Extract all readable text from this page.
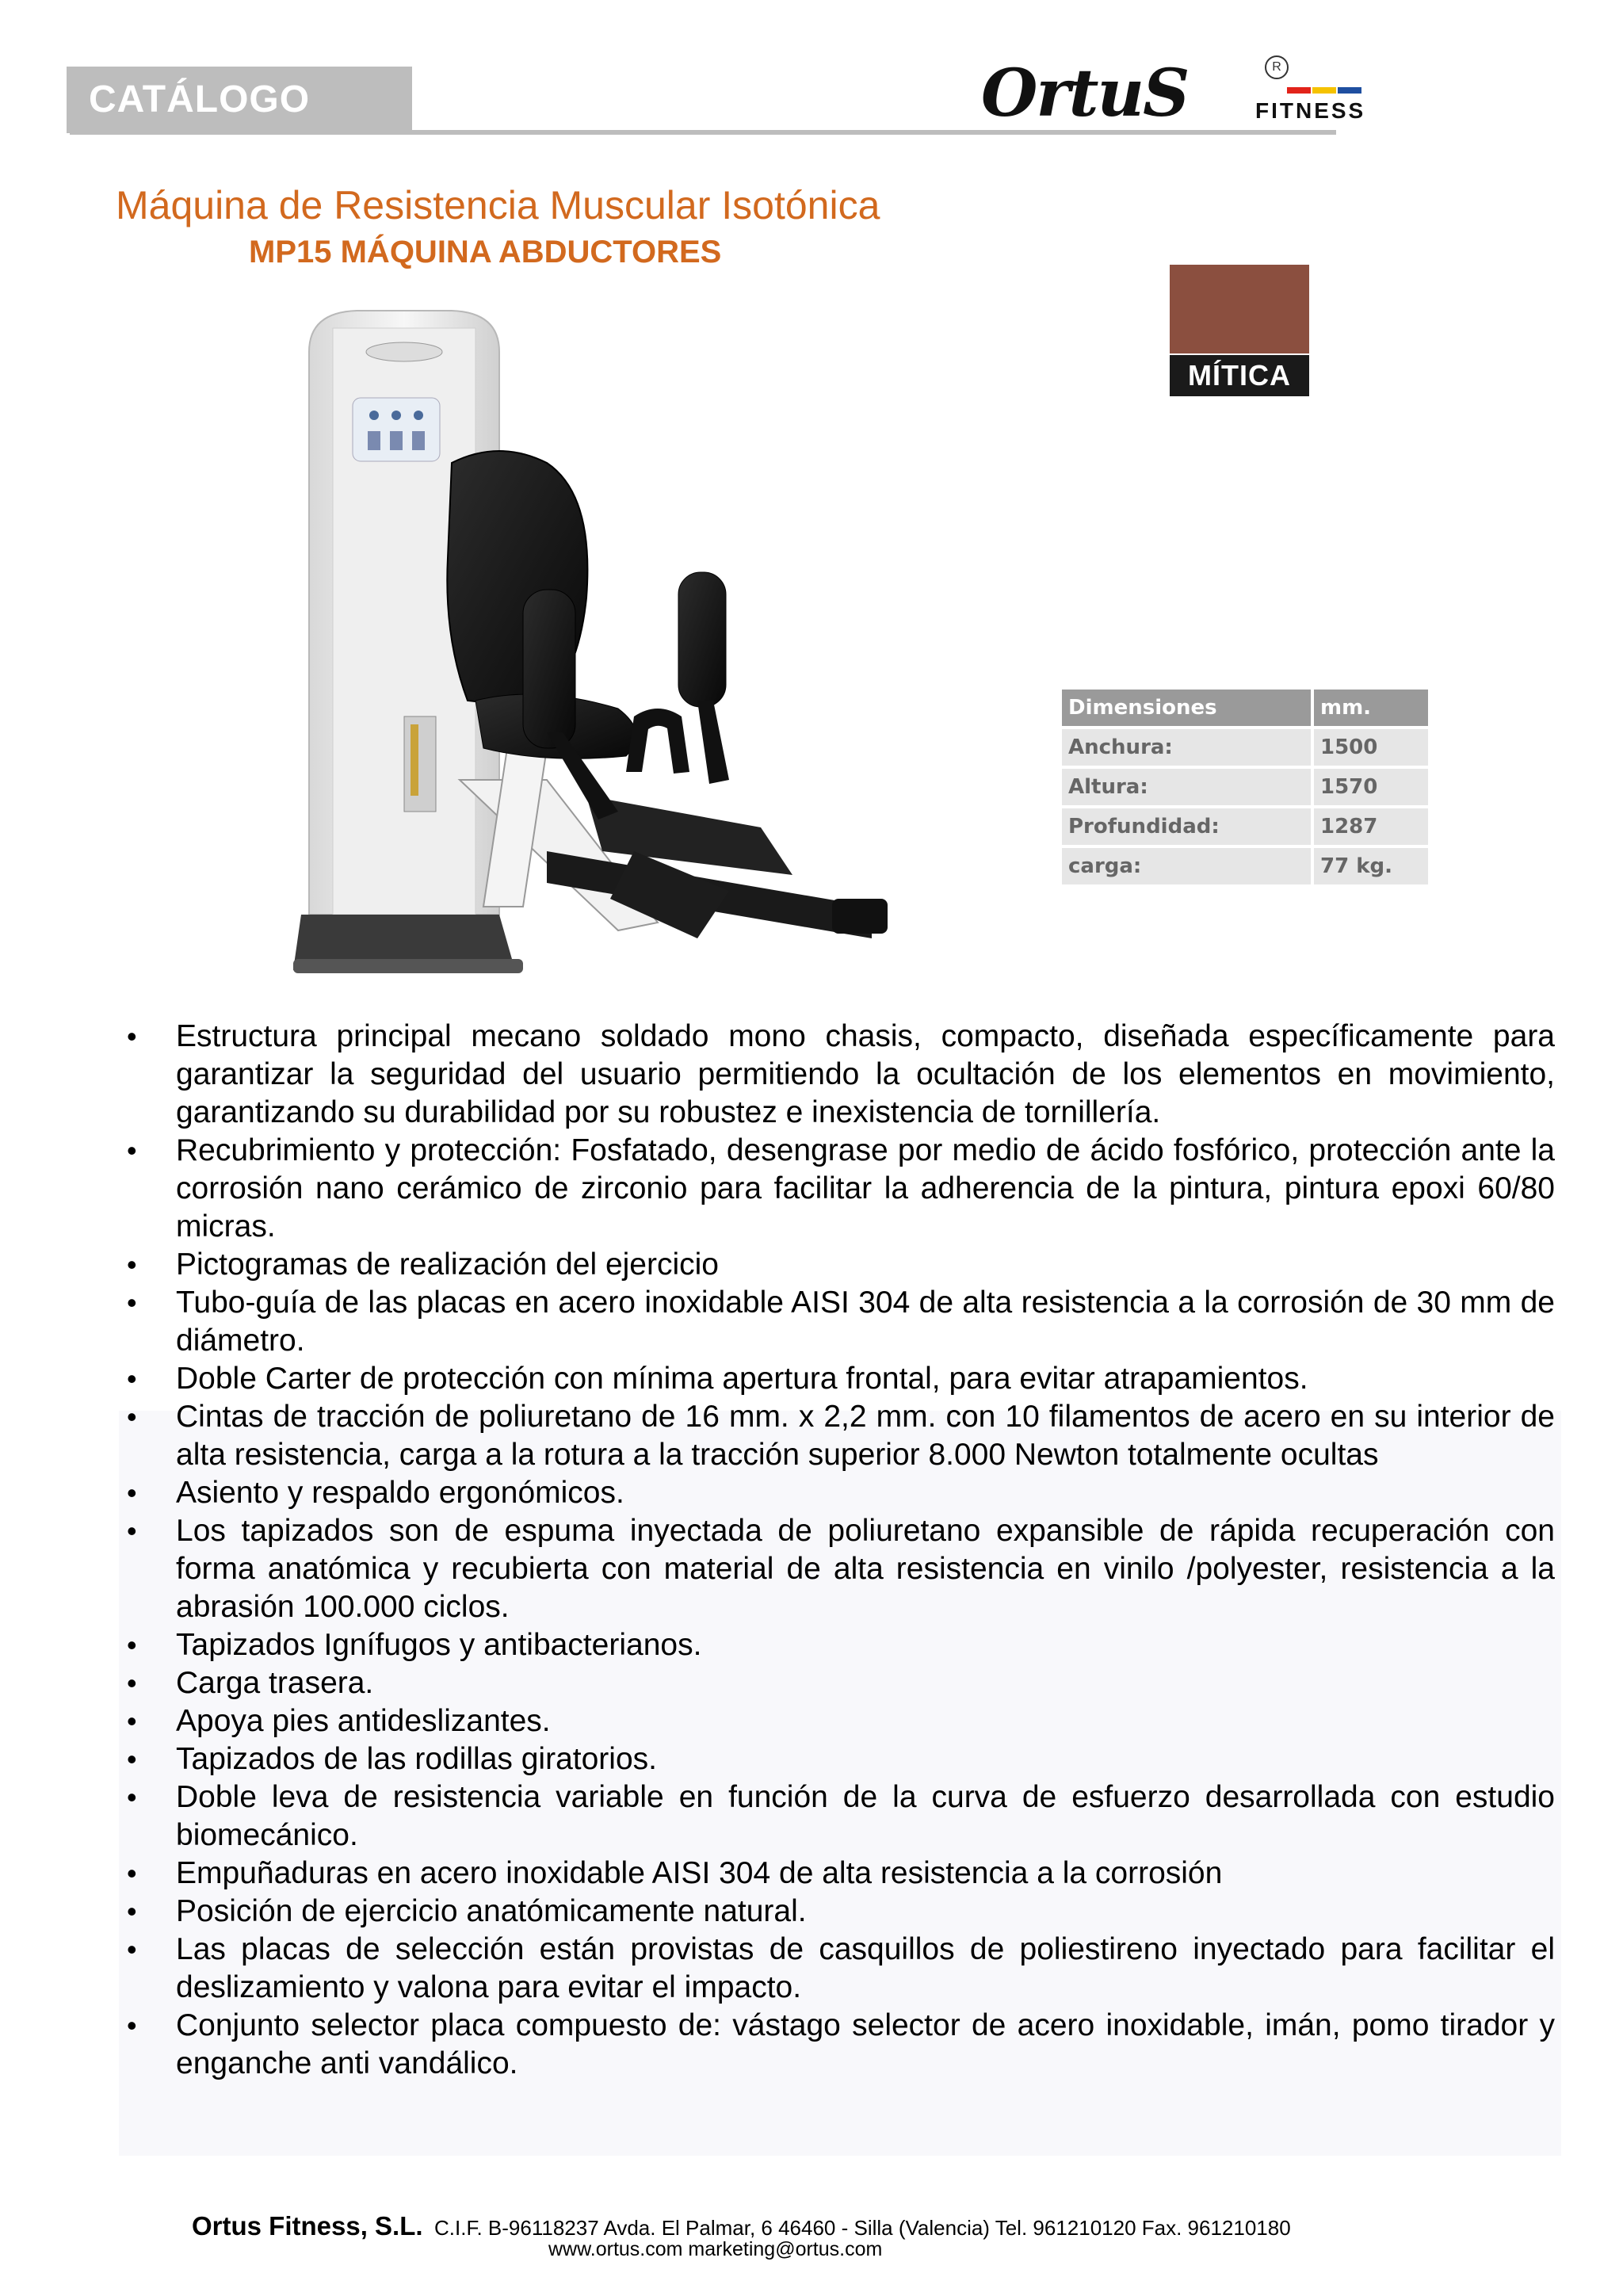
CATÁLOGO	OrtuS	R
FITNESS
Máquina de Resistencia Muscular Isotónica
MP15 MÁQUINA ABDUCTORES
MÍTICA
Dimensiones	mm.
Anchura:	1500
Altura:	1570
Profundidad:	1287
carga:	77 kg.
• Estructura principal mecano soldado mono chasis, compacto, diseñada específicamente para garantizar la seguridad del usuario permitiendo la ocultación de los elementos en movimiento, garantizando su durabilidad por su robustez e inexistencia de tornillería.
• Recubrimiento y protección: Fosfatado, desengrase por medio de ácido fosfórico, protección ante la corrosión nano cerámico de zirconio para facilitar la adherencia de la pintura, pintura epoxi 60/80 micras.
• Pictogramas de realización del ejercicio
• Tubo-guía de las placas en acero inoxidable AISI 304 de alta resistencia a la corrosión de 30 mm de diámetro.
• Doble Carter de protección con mínima apertura frontal, para evitar atrapamientos.
• Cintas de tracción de poliuretano de 16 mm. x 2,2 mm. con 10 filamentos de acero en su interior de alta resistencia, carga a la rotura a la tracción superior 8.000 Newton totalmente ocultas
• Asiento y respaldo ergonómicos.
• Los tapizados son de espuma inyectada de poliuretano expansible de rápida recuperación con forma anatómica y recubierta con material de alta resistencia en vinilo /polyester, resistencia a la abrasión 100.000 ciclos.
• Tapizados Ignífugos y antibacterianos.
• Carga trasera.
• Apoya pies antideslizantes.
• Tapizados de las rodillas giratorios.
• Doble leva de resistencia variable en función de la curva de esfuerzo desarrollada con estudio biomecánico.
• Empuñaduras en acero inoxidable AISI 304 de alta resistencia a la corrosión
• Posición de ejercicio anatómicamente natural.
• Las placas de selección están provistas de casquillos de poliestireno inyectado para facilitar el deslizamiento y valona para evitar el impacto.
• Conjunto selector placa compuesto de: vástago selector de acero inoxidable, imán, pomo tirador y enganche anti vandálico.
Ortus Fitness, S.L. C.I.F. B-96118237 Avda. El Palmar, 6 46460 - Silla (Valencia) Tel. 961210120 Fax. 961210180
www.ortus.com marketing@ortus.com
